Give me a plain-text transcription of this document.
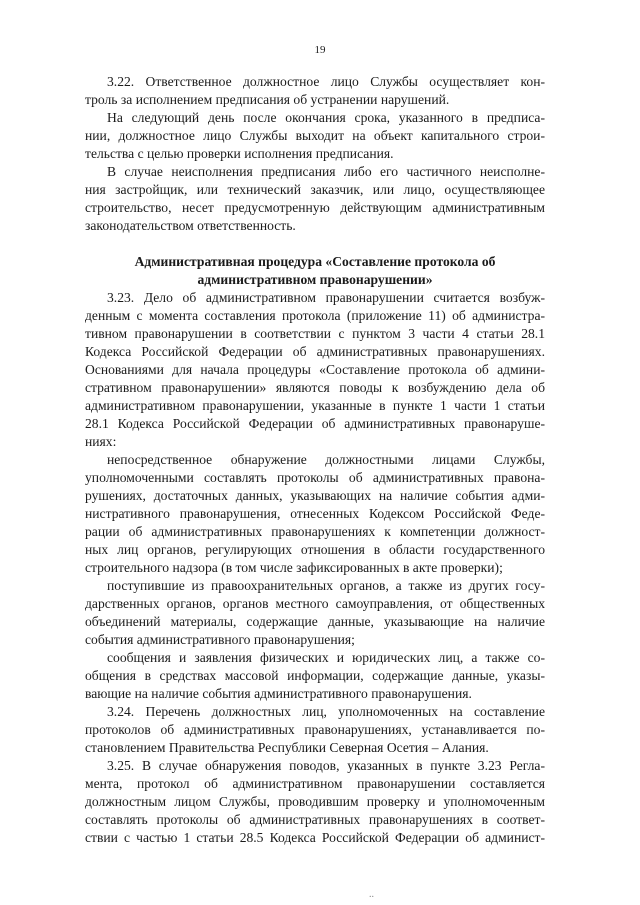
19
3.22. Ответственное должностное лицо Службы осуществляет кон-
троль за исполнением предписания об устранении нарушений.
На следующий день после окончания срока, указанного в предписа-
нии, должностное лицо Службы выходит на объект капитального строи-
тельства с целью проверки исполнения предписания.
В случае неисполнения предписания либо его частичного неисполне-
ния застройщик, или технический заказчик, или лицо, осуществляющее
строительство, несет предусмотренную действующим административным
законодательством ответственность.
Административная процедура «Составление протокола об
административном правонарушении»
3.23. Дело об административном правонарушении считается возбуж-
денным с момента составления протокола (приложение 11) об администра-
тивном правонарушении в соответствии с пунктом 3 части 4 статьи 28.1
Кодекса Российской Федерации об административных правонарушениях.
Основаниями для начала процедуры «Составление протокола об админи-
стративном правонарушении» являются поводы к возбуждению дела об
административном правонарушении, указанные в пункте 1 части 1 статьи
28.1 Кодекса Российской Федерации об административных правонаруше-
ниях:
непосредственное обнаружение должностными лицами Службы,
уполномоченными составлять протоколы об административных правона-
рушениях, достаточных данных, указывающих на наличие события адми-
нистративного правонарушения, отнесенных Кодексом Российской Феде-
рации об административных правонарушениях к компетенции должност-
ных лиц органов, регулирующих отношения в области государственного
строительного надзора (в том числе зафиксированных в акте проверки);
поступившие из правоохранительных органов, а также из других госу-
дарственных органов, органов местного самоуправления, от общественных
объединений материалы, содержащие данные, указывающие на наличие
события административного правонарушения;
сообщения и заявления физических и юридических лиц, а также со-
общения в средствах массовой информации, содержащие данные, указы-
вающие на наличие события административного правонарушения.
3.24. Перечень должностных лиц, уполномоченных на составление
протоколов об административных правонарушениях, устанавливается по-
становлением Правительства Республики Северная Осетия – Алания.
3.25. В случае обнаружения поводов, указанных в пункте 3.23 Регла-
мента, протокол об административном правонарушении составляется
должностным лицом Службы, проводившим проверку и уполномоченным
составлять протоколы об административных правонарушениях в соответ-
ствии с частью 1 статьи 28.5 Кодекса Российской Федерации об админист-
..
